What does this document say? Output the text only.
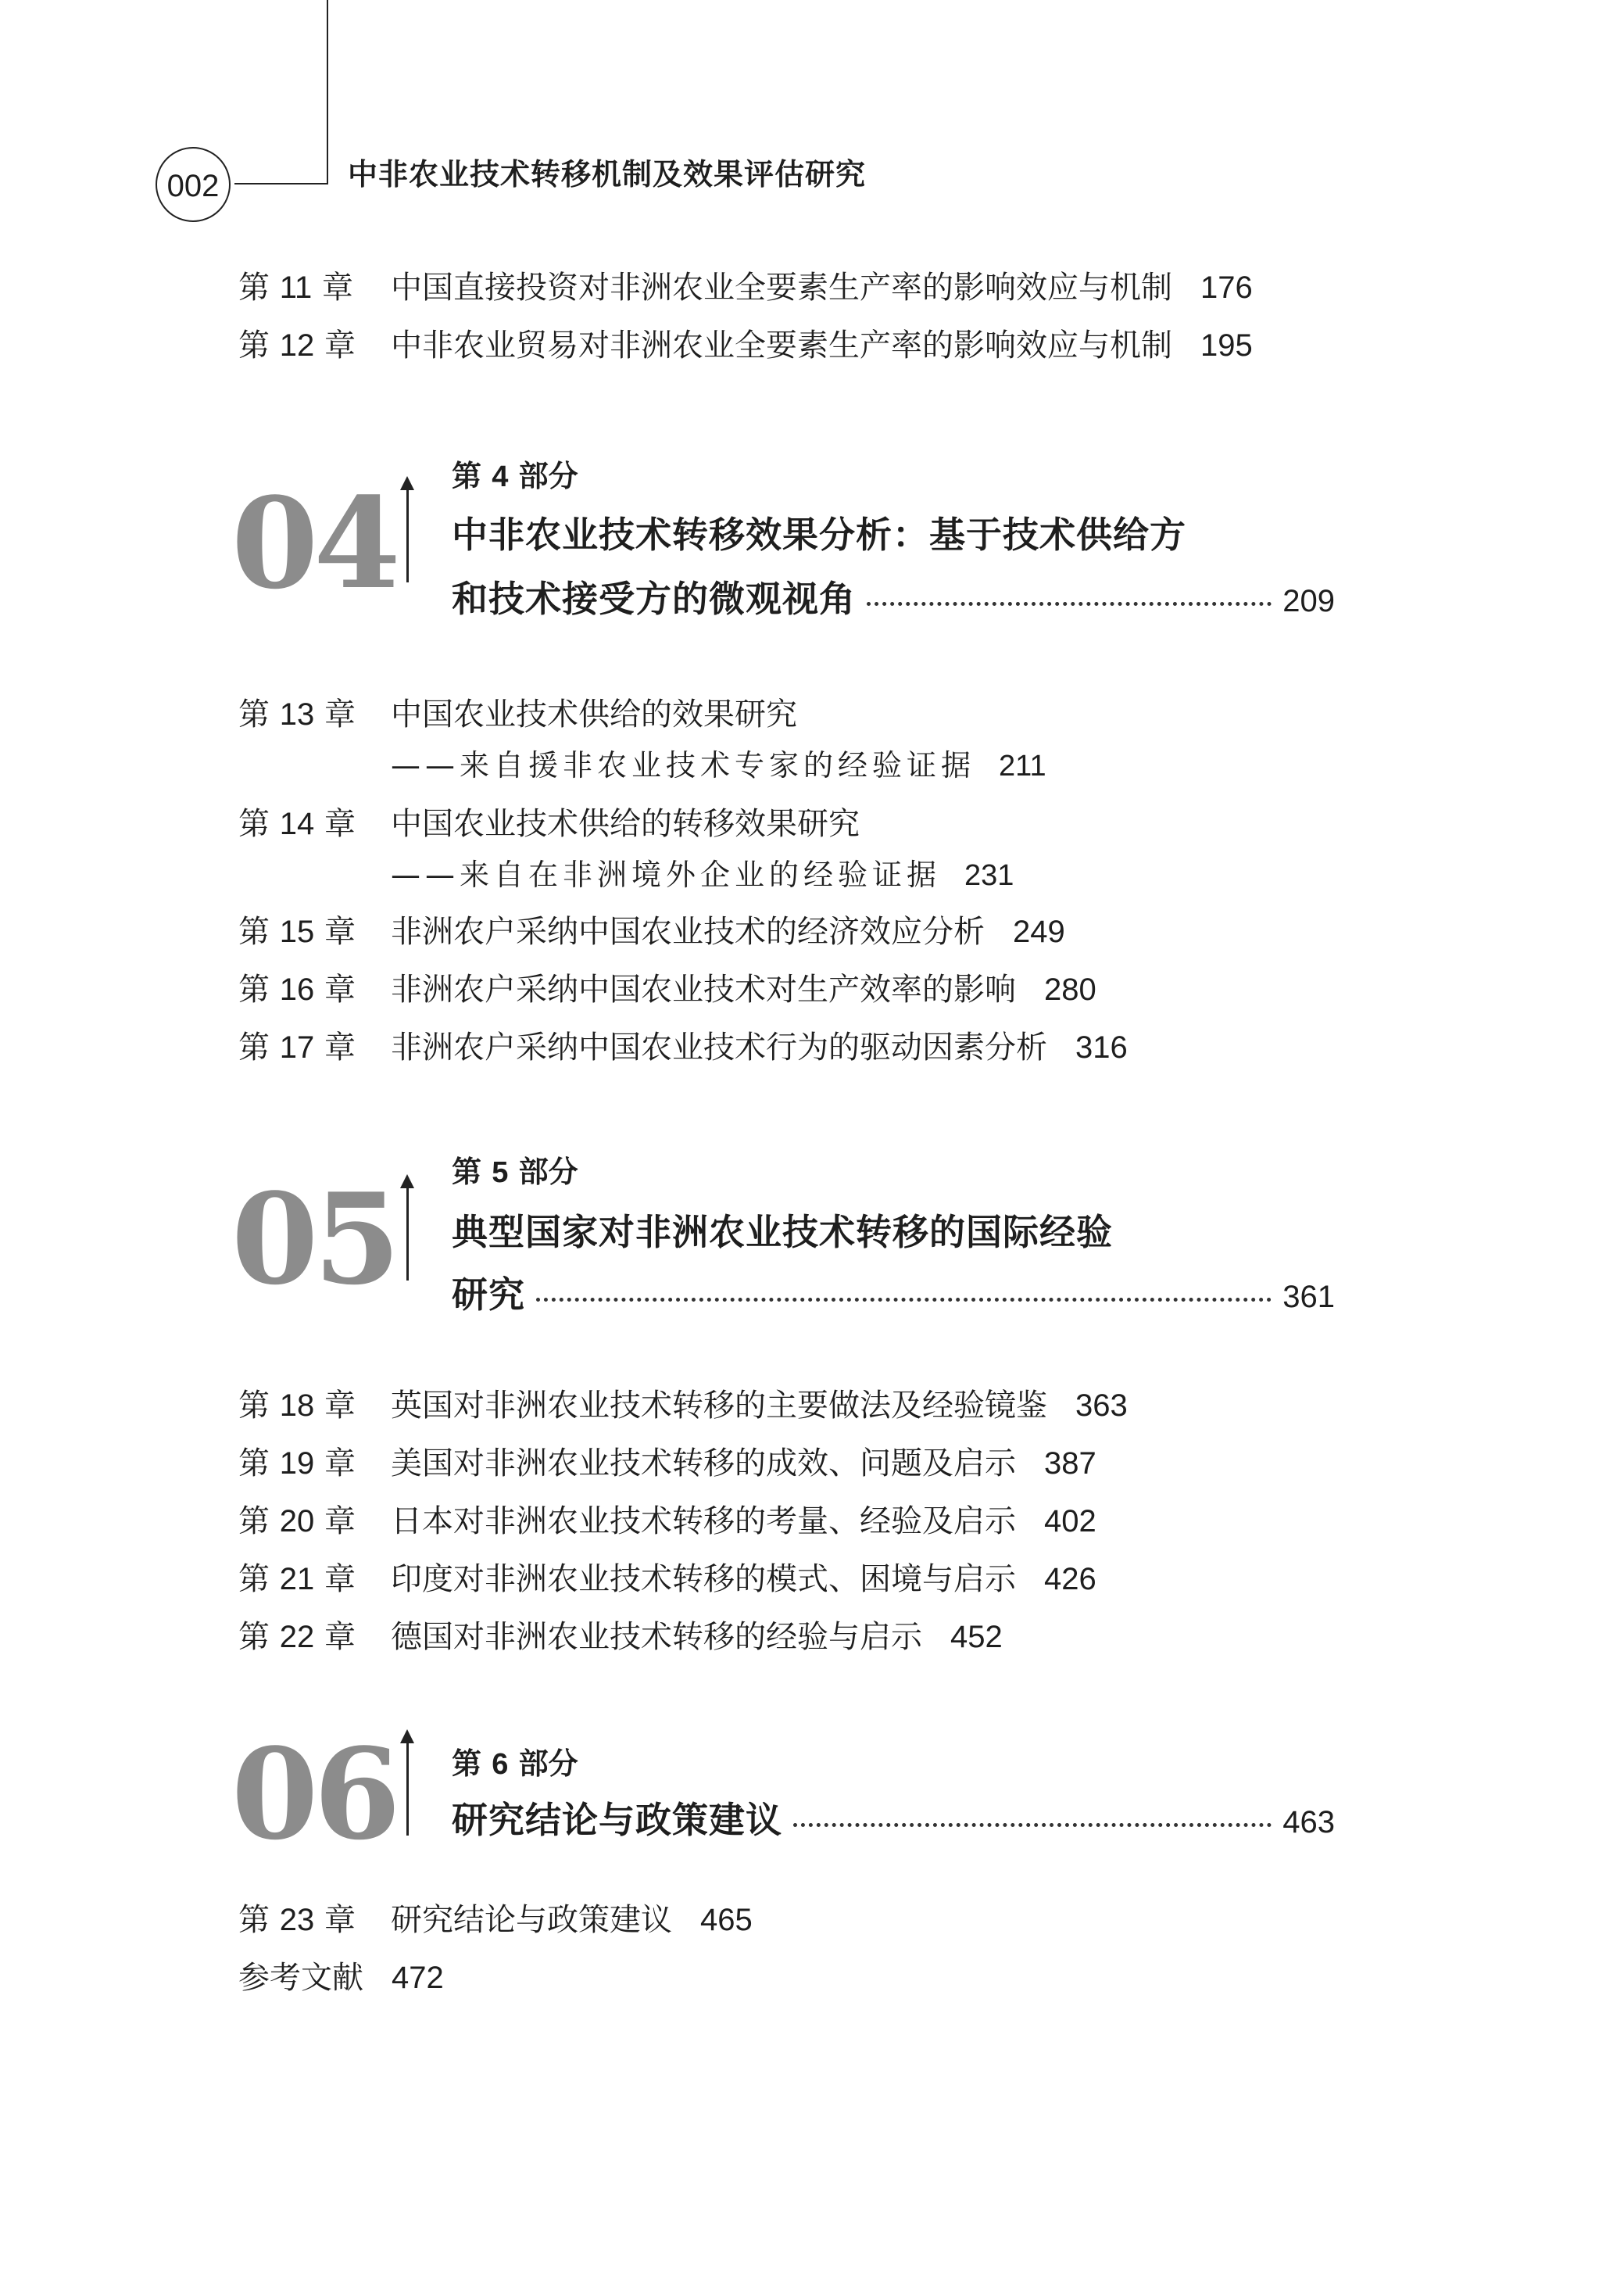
002	中非农业技术转移机制及效果评估研究
第 11 章 中国直接投资对非洲农业全要素生产率的影响效应与机制 176
第 12 章 中非农业贸易对非洲农业全要素生产率的影响效应与机制 195
04 第 4 部分
中非农业技术转移效果分析：基于技术供给方
和技术接受方的微观视角	209
第 13 章 中国农业技术供给的效果研究
——来自援非农业技术专家的经验证据 211
第 14 章 中国农业技术供给的转移效果研究
——来自在非洲境外企业的经验证据 231
第 15 章 非洲农户采纳中国农业技术的经济效应分析 249
第 16 章 非洲农户采纳中国农业技术对生产效率的影响 280
第 17 章 非洲农户采纳中国农业技术行为的驱动因素分析 316
05 第 5 部分
典型国家对非洲农业技术转移的国际经验
研究	361
第 18 章 英国对非洲农业技术转移的主要做法及经验镜鉴 363
第 19 章 美国对非洲农业技术转移的成效、问题及启示 387
第 20 章 日本对非洲农业技术转移的考量、经验及启示 402
第 21 章 印度对非洲农业技术转移的模式、困境与启示 426
第 22 章 德国对非洲农业技术转移的经验与启示 452
06 第 6 部分
研究结论与政策建议	463
第 23 章 研究结论与政策建议 465
参考文献 472
